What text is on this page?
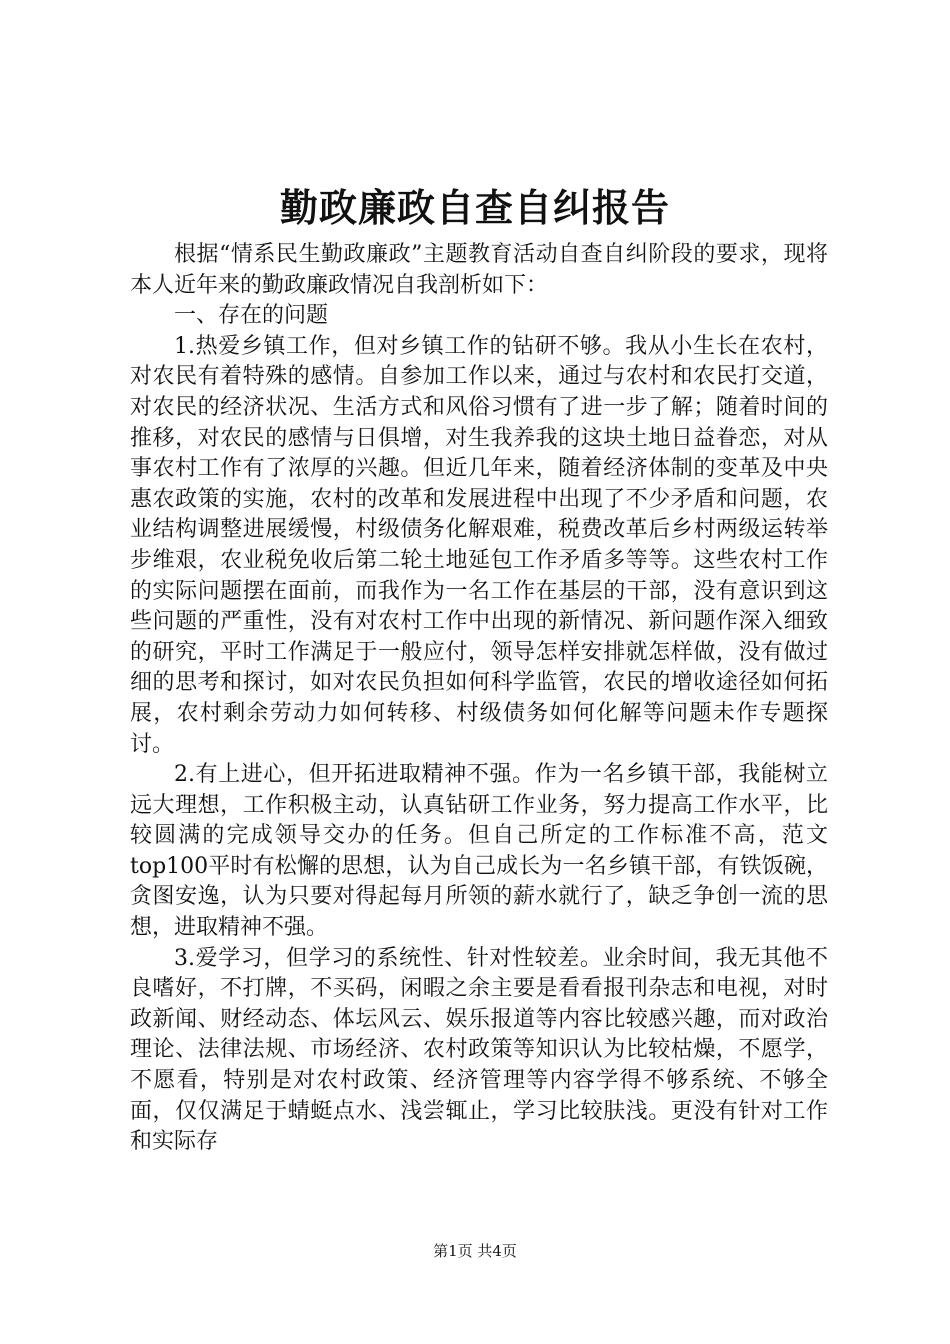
勤政廉政自查自纠报告

根据“情系民生勤政廉政”主题教育活动自查自纠阶段的要求，现将本人近年来的勤政廉政情况自我剖析如下：

一、存在的问题

1.热爱乡镇工作，但对乡镇工作的钻研不够。我从小生长在农村，对农民有着特殊的感情。自参加工作以来，通过与农村和农民打交道，对农民的经济状况、生活方式和风俗习惯有了进一步了解；随着时间的推移，对农民的感情与日俱增，对生我养我的这块土地日益眷恋，对从事农村工作有了浓厚的兴趣。但近几年来，随着经济体制的变革及中央惠农政策的实施，农村的改革和发展进程中出现了不少矛盾和问题，农业结构调整进展缓慢，村级债务化解艰难，税费改革后乡村两级运转举步维艰，农业税免收后第二轮土地延包工作矛盾多等等。这些农村工作的实际问题摆在面前，而我作为一名工作在基层的干部，没有意识到这些问题的严重性，没有对农村工作中出现的新情况、新问题作深入细致的研究，平时工作满足于一般应付，领导怎样安排就怎样做，没有做过细的思考和探讨，如对农民负担如何科学监管，农民的增收途径如何拓展，农村剩余劳动力如何转移、村级债务如何化解等问题未作专题探讨。

2.有上进心，但开拓进取精神不强。作为一名乡镇干部，我能树立远大理想，工作积极主动，认真钻研工作业务，努力提高工作水平，比较圆满的完成领导交办的任务。但自己所定的工作标准不高，范文top100平时有松懈的思想，认为自己成长为一名乡镇干部，有铁饭碗，贪图安逸，认为只要对得起每月所领的薪水就行了，缺乏争创一流的思想，进取精神不强。

3.爱学习，但学习的系统性、针对性较差。业余时间，我无其他不良嗜好，不打牌，不买码，闲暇之余主要是看看报刊杂志和电视，对时政新闻、财经动态、体坛风云、娱乐报道等内容比较感兴趣，而对政治理论、法律法规、市场经济、农村政策等知识认为比较枯燥，不愿学，不愿看，特别是对农村政策、经济管理等内容学得不够系统、不够全面，仅仅满足于蜻蜓点水、浅尝辄止，学习比较肤浅。更没有针对工作和实际存

第1页 共4页
